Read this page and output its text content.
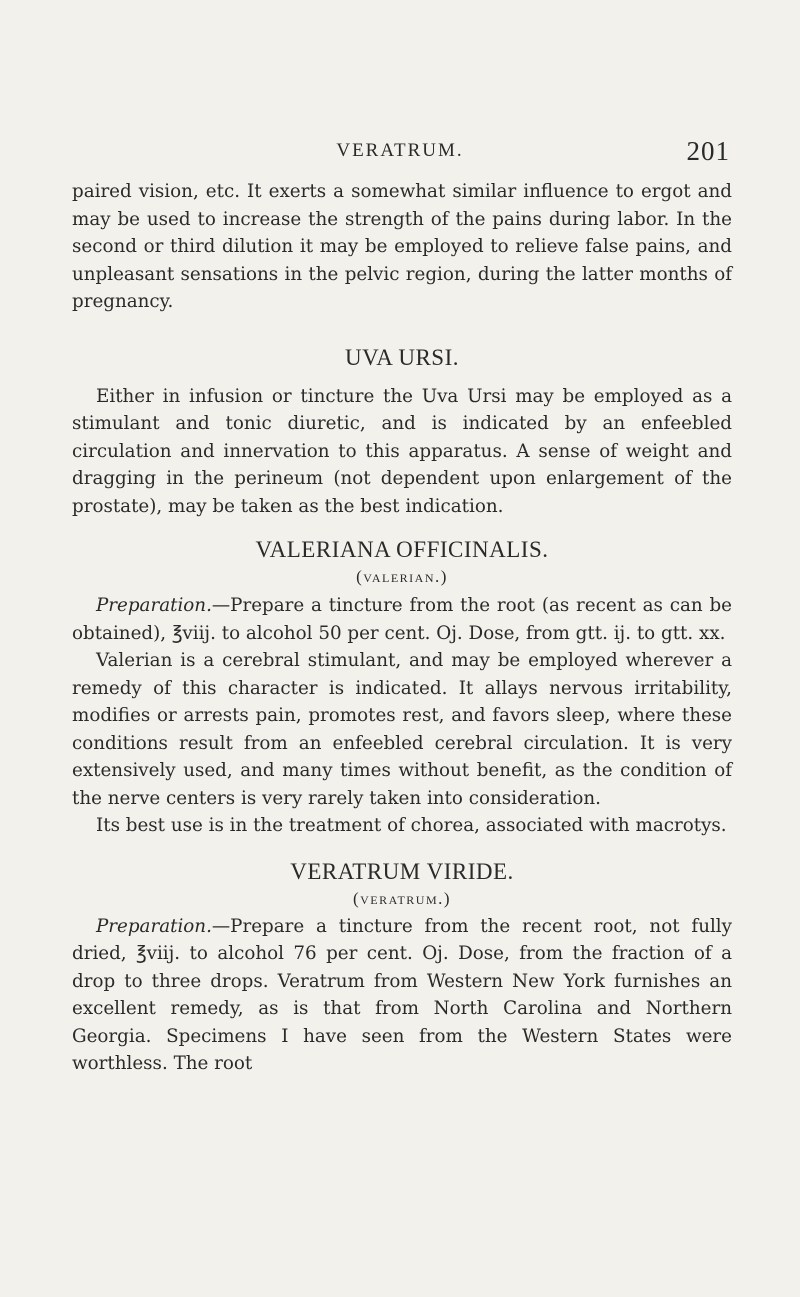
VERATRUM.	201

paired vision, etc. It exerts a somewhat similar influence to ergot and may be used to increase the strength of the pains during labor. In the second or third dilution it may be employed to relieve false pains, and unpleasant sensations in the pelvic region, during the latter months of pregnancy.

UVA URSI.

Either in infusion or tincture the Uva Ursi may be employed as a stimulant and tonic diuretic, and is indicated by an enfeebled circulation and innervation to this apparatus. A sense of weight and dragging in the perineum (not dependent upon enlargement of the prostate), may be taken as the best indication.

VALERIANA OFFICINALIS.
(valerian.)

Preparation.—Prepare a tincture from the root (as recent as can be obtained), ℥viij. to alcohol 50 per cent. Oj. Dose, from gtt. ij. to gtt. xx.

Valerian is a cerebral stimulant, and may be employed wherever a remedy of this character is indicated. It allays nervous irritability, modifies or arrests pain, promotes rest, and favors sleep, where these conditions result from an enfeebled cerebral circulation. It is very extensively used, and many times without benefit, as the condition of the nerve centers is very rarely taken into consideration.

Its best use is in the treatment of chorea, associated with macrotys.

VERATRUM VIRIDE.
(veratrum.)

Preparation.—Prepare a tincture from the recent root, not fully dried, ℥viij. to alcohol 76 per cent. Oj. Dose, from the fraction of a drop to three drops. Veratrum from Western New York furnishes an excellent remedy, as is that from North Carolina and Northern Georgia. Specimens I have seen from the Western States were worthless. The root
